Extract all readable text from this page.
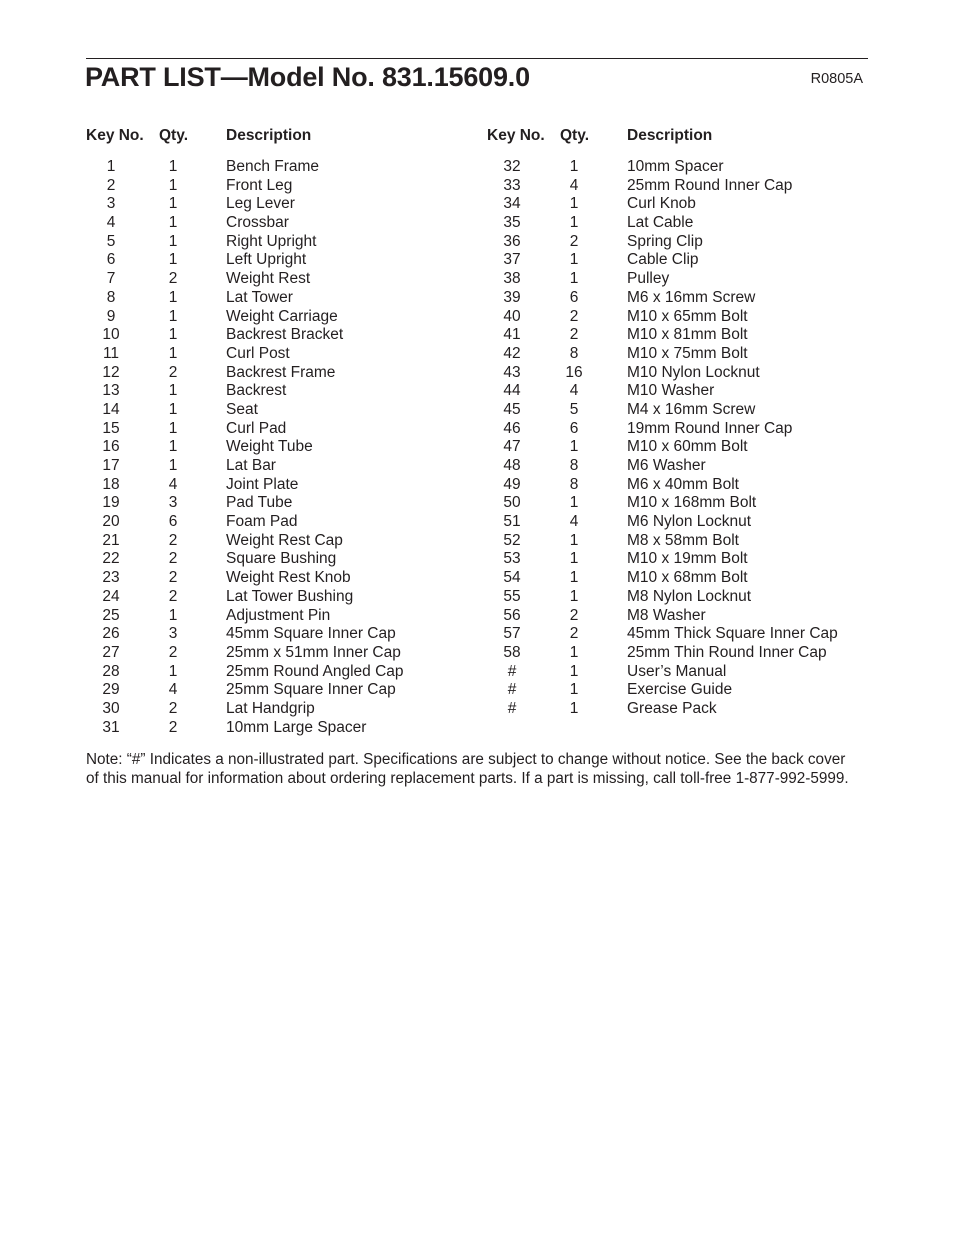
PART LIST—Model No. 831.15609.0	R0805A
Key No. Qty. Description
1	1	Bench Frame
2	1	Front Leg
3	1	Leg Lever
4	1	Crossbar
5	1	Right Upright
6	1	Left Upright
7	2	Weight Rest
8	1	Lat Tower
9	1	Weight Carriage
10	1	Backrest Bracket
11	1	Curl Post
12	2	Backrest Frame
13	1	Backrest
14	1	Seat
15	1	Curl Pad
16	1	Weight Tube
17	1	Lat Bar
18	4	Joint Plate
19	3	Pad Tube
20	6	Foam Pad
21	2	Weight Rest Cap
22	2	Square Bushing
23	2	Weight Rest Knob
24	2	Lat Tower Bushing
25	1	Adjustment Pin
26	3	45mm Square Inner Cap
27	2	25mm x 51mm Inner Cap
28	1	25mm Round Angled Cap
29	4	25mm Square Inner Cap
30	2	Lat Handgrip
31	2	10mm Large Spacer
Key No. Qty. Description
32	1	10mm Spacer
33	4	25mm Round Inner Cap
34	1	Curl Knob
35	1	Lat Cable
36	2	Spring Clip
37	1	Cable Clip
38	1	Pulley
39	6	M6 x 16mm Screw
40	2	M10 x 65mm Bolt
41	2	M10 x 81mm Bolt
42	8	M10 x 75mm Bolt
43	16	M10 Nylon Locknut
44	4	M10 Washer
45	5	M4 x 16mm Screw
46	6	19mm Round Inner Cap
47	1	M10 x 60mm Bolt
48	8	M6 Washer
49	8	M6 x 40mm Bolt
50	1	M10 x 168mm Bolt
51	4	M6 Nylon Locknut
52	1	M8 x 58mm Bolt
53	1	M10 x 19mm Bolt
54	1	M10 x 68mm Bolt
55	1	M8 Nylon Locknut
56	2	M8 Washer
57	2	45mm Thick Square Inner Cap
58	1	25mm Thin Round Inner Cap
#	1	User’s Manual
#	1	Exercise Guide
#	1	Grease Pack
Note: “#” Indicates a non-illustrated part. Specifications are subject to change without notice. See the back cover
of this manual for information about ordering replacement parts. If a part is missing, call toll-free 1-877-992-5999.
